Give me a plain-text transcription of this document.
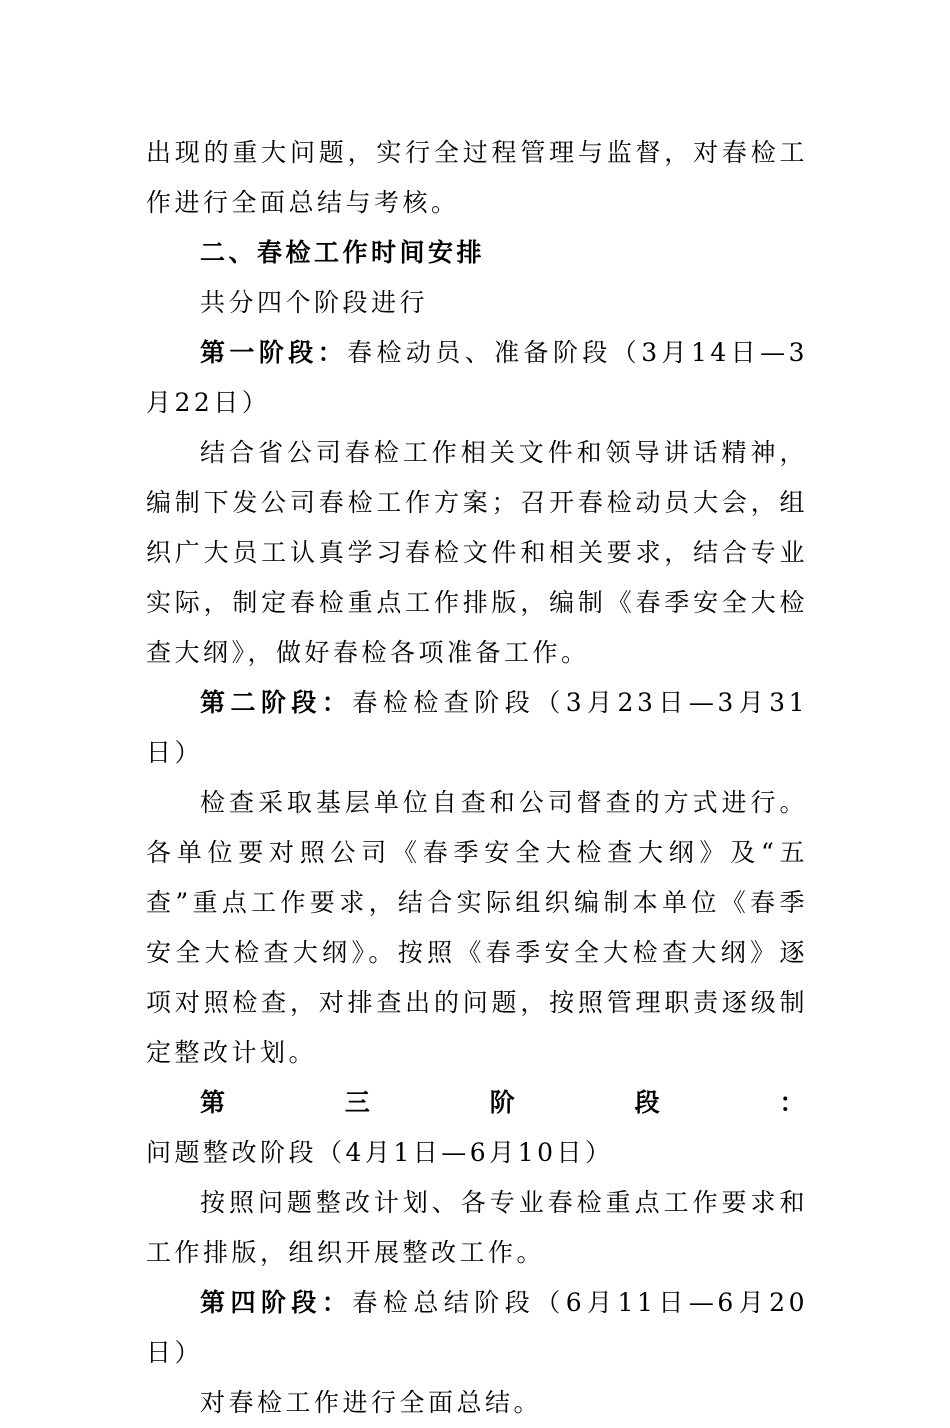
出现的重大问题，实行全过程管理与监督，对春检工作进行全面总结与考核。

二、春检工作时间安排

共分四个阶段进行

第一阶段：春检动员、准备阶段（3月14日—3月22日）

结合省公司春检工作相关文件和领导讲话精神，编制下发公司春检工作方案；召开春检动员大会，组织广大员工认真学习春检文件和相关要求，结合专业实际，制定春检重点工作排版，编制《春季安全大检查大纲》，做好春检各项准备工作。

第二阶段：春检检查阶段（3月23日—3月31日）

检查采取基层单位自查和公司督查的方式进行。各单位要对照公司《春季安全大检查大纲》及“五查”重点工作要求，结合实际组织编制本单位《春季安全大检查大纲》。按照《春季安全大检查大纲》逐项对照检查，对排查出的问题，按照管理职责逐级制定整改计划。

第三阶段：问题整改阶段（4月1日—6月10日）

按照问题整改计划、各专业春检重点工作要求和工作排版，组织开展整改工作。

第四阶段：春检总结阶段（6月11日—6月20日）

对春检工作进行全面总结。
